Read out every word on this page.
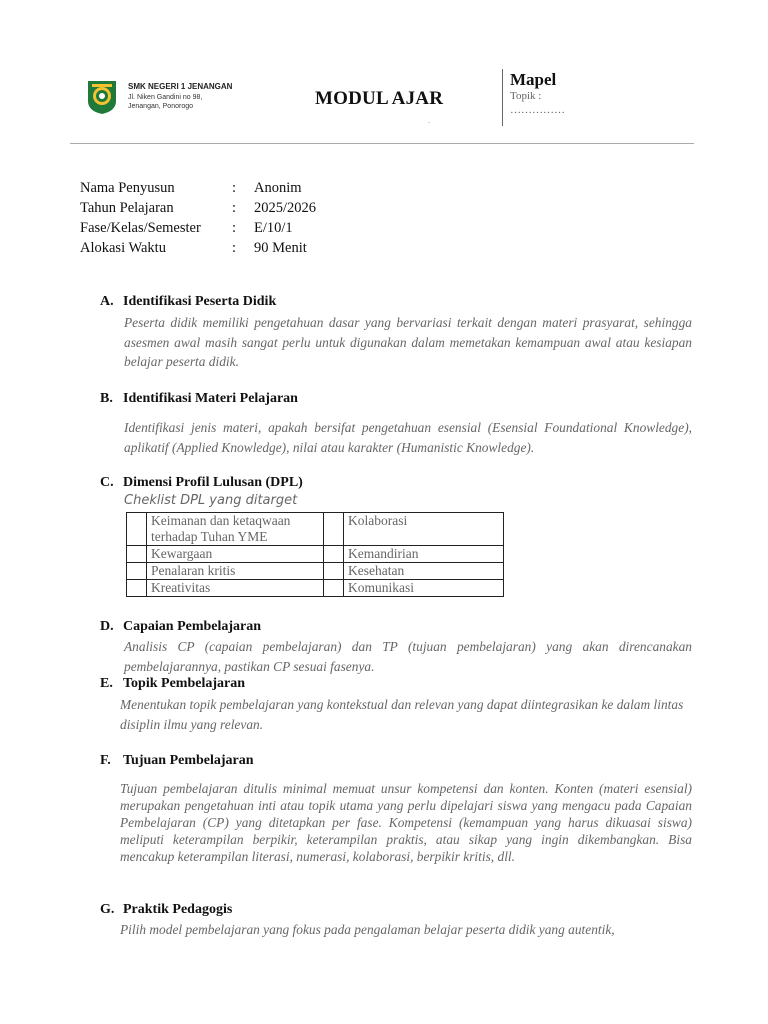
SMK NEGERI 1 JENANGAN
Jl. Niken Gandini no 98,
Jenangan, Ponorogo	MODUL AJAR
.
Mapel
Topik :
……………
Nama Penyusun	:	Anonim
Tahun Pelajaran	:	2025/2026
Fase/Kelas/Semester	:	E/10/1
Alokasi Waktu	:	90 Menit
A. Identifikasi Peserta Didik
Peserta didik memiliki pengetahuan dasar yang bervariasi terkait dengan materi prasyarat, sehingga asesmen awal masih sangat perlu untuk digunakan dalam memetakan kemampuan awal atau kesiapan belajar peserta didik.
B. Identifikasi Materi Pelajaran
Identifikasi jenis materi, apakah bersifat pengetahuan esensial (Esensial Foundational Knowledge), aplikatif (Applied Knowledge), nilai atau karakter (Humanistic Knowledge).
C. Dimensi Profil Lulusan (DPL)
Cheklist DPL yang ditarget
	Keimanan dan ketaqwaan terhadap Tuhan YME		Kolaborasi
	Kewargaan		Kemandirian
	Penalaran kritis		Kesehatan
	Kreativitas		Komunikasi
D. Capaian Pembelajaran
Analisis CP (capaian pembelajaran) dan TP (tujuan pembelajaran) yang akan direncanakan pembelajarannya, pastikan CP sesuai fasenya.
E. Topik Pembelajaran
Menentukan topik pembelajaran yang kontekstual dan relevan yang dapat diintegrasikan ke dalam lintas disiplin ilmu yang relevan.
F. Tujuan Pembelajaran
Tujuan pembelajaran ditulis minimal memuat unsur kompetensi dan konten. Konten (materi esensial) merupakan pengetahuan inti atau topik utama yang perlu dipelajari siswa yang mengacu pada Capaian Pembelajaran (CP) yang ditetapkan per fase. Kompetensi (kemampuan yang harus dikuasai siswa) meliputi keterampilan berpikir, keterampilan praktis, atau sikap yang ingin dikembangkan. Bisa mencakup keterampilan literasi, numerasi, kolaborasi, berpikir kritis, dll.
G. Praktik Pedagogis
Pilih model pembelajaran yang fokus pada pengalaman belajar peserta didik yang autentik,
